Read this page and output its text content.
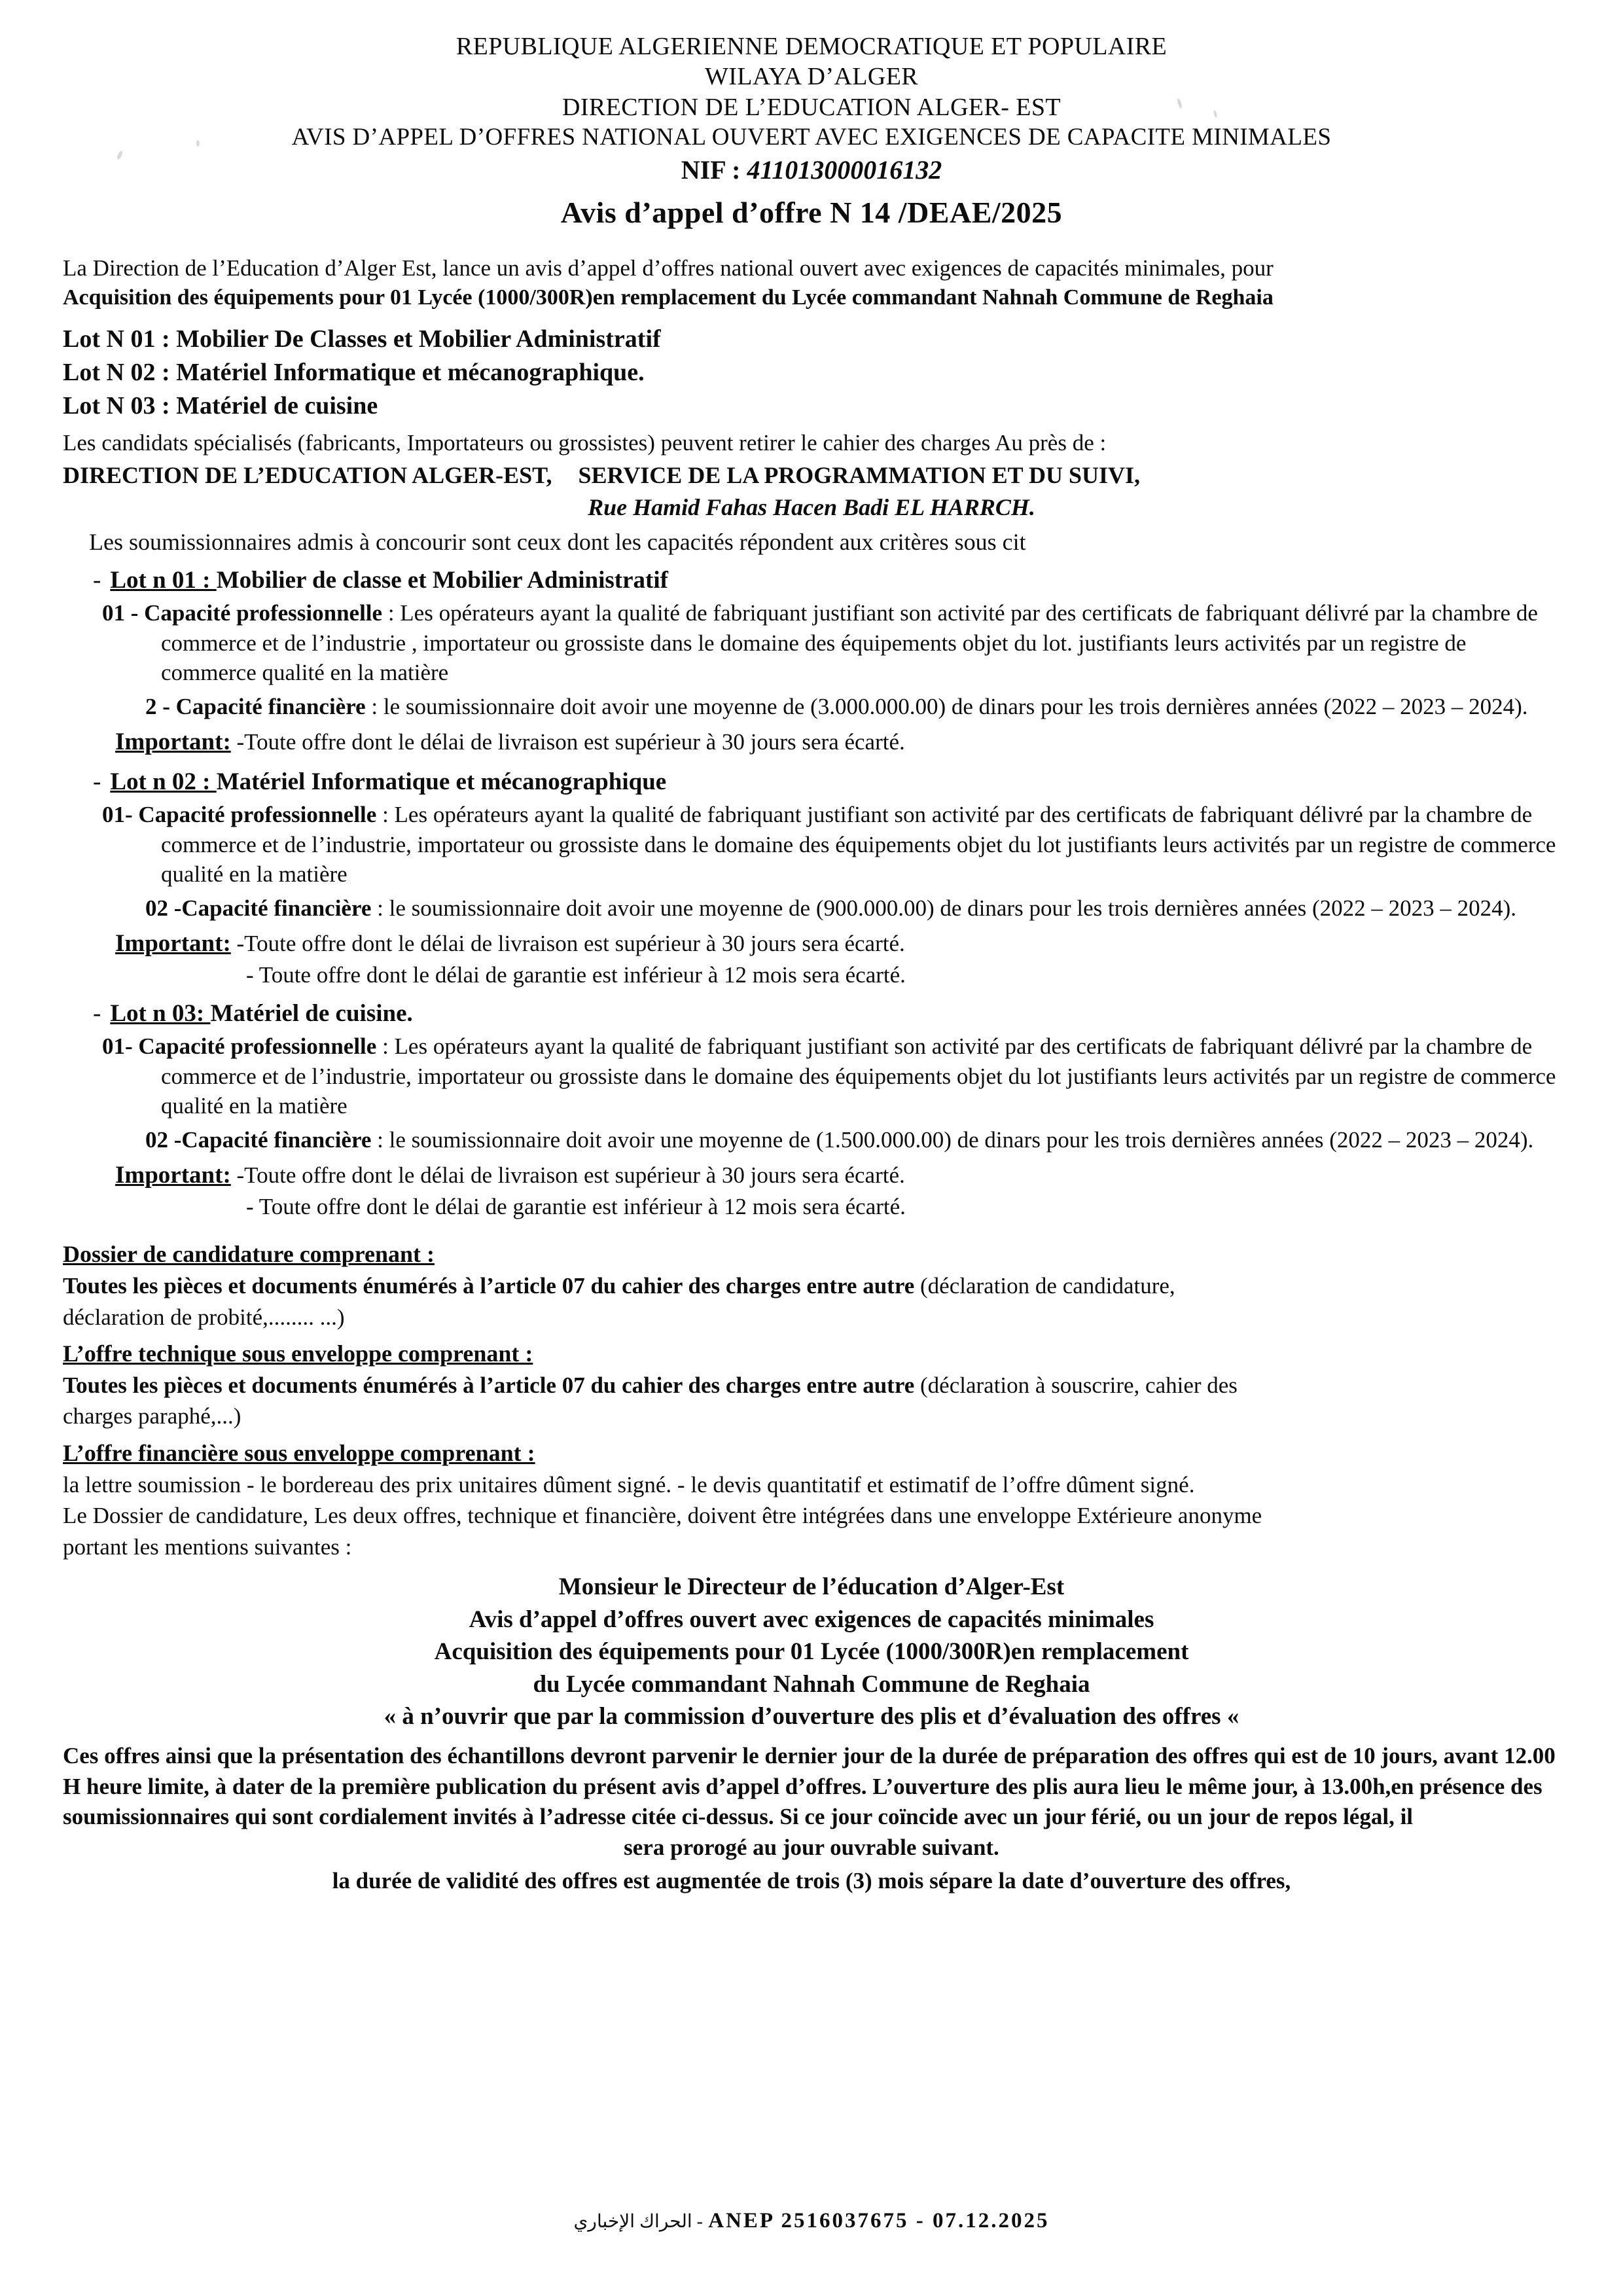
REPUBLIQUE ALGERIENNE DEMOCRATIQUE ET POPULAIRE
WILAYA D’ALGER
DIRECTION DE L’EDUCATION ALGER- EST
AVIS D’APPEL D’OFFRES NATIONAL OUVERT AVEC EXIGENCES DE CAPACITE MINIMALES
NIF : 411013000016132
Avis d’appel d’offre N 14 /DEAE/2025
La Direction de l’Education d’Alger Est, lance un avis d’appel d’offres national ouvert avec exigences de capacités minimales, pour
Acquisition des équipements pour 01 Lycée (1000/300R)en remplacement du Lycée commandant Nahnah Commune de Reghaia
Lot N 01 : Mobilier De Classes et Mobilier Administratif
Lot N 02 : Matériel Informatique et mécanographique.
Lot N 03 : Matériel de cuisine
Les candidats spécialisés (fabricants, Importateurs ou grossistes) peuvent retirer le cahier des charges Au près de :
DIRECTION DE L’EDUCATION ALGER-EST, SERVICE DE LA PROGRAMMATION ET DU SUIVI,
Rue Hamid Fahas Hacen Badi EL HARRCH.
Les soumissionnaires admis à concourir sont ceux dont les capacités répondent aux critères sous cit
- Lot n 01 : Mobilier de classe et Mobilier Administratif
01 - Capacité professionnelle : Les opérateurs ayant la qualité de fabriquant justifiant son activité par des certificats de fabriquant délivré par la chambre de commerce et de l’industrie , importateur ou grossiste dans le domaine des équipements objet du lot. justifiants leurs activités par un registre de commerce qualité en la matière
2 - Capacité financière : le soumissionnaire doit avoir une moyenne de (3.000.000.00) de dinars pour les trois dernières années (2022 – 2023 – 2024).
Important: -Toute offre dont le délai de livraison est supérieur à 30 jours sera écarté.
- Lot n 02 : Matériel Informatique et mécanographique
01- Capacité professionnelle : Les opérateurs ayant la qualité de fabriquant justifiant son activité par des certificats de fabriquant délivré par la chambre de commerce et de l’industrie, importateur ou grossiste dans le domaine des équipements objet du lot justifiants leurs activités par un registre de commerce qualité en la matière
02 -Capacité financière : le soumissionnaire doit avoir une moyenne de (900.000.00) de dinars pour les trois dernières années (2022 – 2023 – 2024).
Important: -Toute offre dont le délai de livraison est supérieur à 30 jours sera écarté.
- Toute offre dont le délai de garantie est inférieur à 12 mois sera écarté.
- Lot n 03: Matériel de cuisine.
01- Capacité professionnelle : Les opérateurs ayant la qualité de fabriquant justifiant son activité par des certificats de fabriquant délivré par la chambre de commerce et de l’industrie, importateur ou grossiste dans le domaine des équipements objet du lot justifiants leurs activités par un registre de commerce qualité en la matière
02 -Capacité financière : le soumissionnaire doit avoir une moyenne de (1.500.000.00) de dinars pour les trois dernières années (2022 – 2023 – 2024).
Important: -Toute offre dont le délai de livraison est supérieur à 30 jours sera écarté.
- Toute offre dont le délai de garantie est inférieur à 12 mois sera écarté.
Dossier de candidature comprenant :

Toutes les pièces et documents énumérés à l’article 07 du cahier des charges entre autre (déclaration de candidature,

déclaration de probité,........ ...)

L’offre technique sous enveloppe comprenant :

Toutes les pièces et documents énumérés à l’article 07 du cahier des charges entre autre (déclaration à souscrire, cahier des

charges paraphé,...)

L’offre financière sous enveloppe comprenant :

la lettre soumission - le bordereau des prix unitaires dûment signé. - le devis quantitatif et estimatif de l’offre dûment signé.

Le Dossier de candidature, Les deux offres, technique et financière, doivent être intégrées dans une enveloppe Extérieure anonyme

portant les mentions suivantes :

Monsieur le Directeur de l’éducation d’Alger-Est
Avis d’appel d’offres ouvert avec exigences de capacités minimales
Acquisition des équipements pour 01 Lycée (1000/300R)en remplacement
du Lycée commandant Nahnah Commune de Reghaia
« à n’ouvrir que par la commission d’ouverture des plis et d’évaluation des offres «
Ces offres ainsi que la présentation des échantillons devront parvenir le dernier jour de la durée de préparation des offres qui est de 10 jours, avant 12.00 H heure limite, à dater de la première publication du présent avis d’appel d’offres. L’ouverture des plis aura lieu le même jour, à 13.00h,en présence des soumissionnaires qui sont cordialement invités à l’adresse citée ci-dessus. Si ce jour coïncide avec un jour férié, ou un jour de repos légal, il
sera prorogé au jour ouvrable suivant.
la durée de validité des offres est augmentée de trois (3) mois sépare la date d’ouverture des offres,
الحراك الإخباري - ANEP 2516037675 - 07.12.2025
